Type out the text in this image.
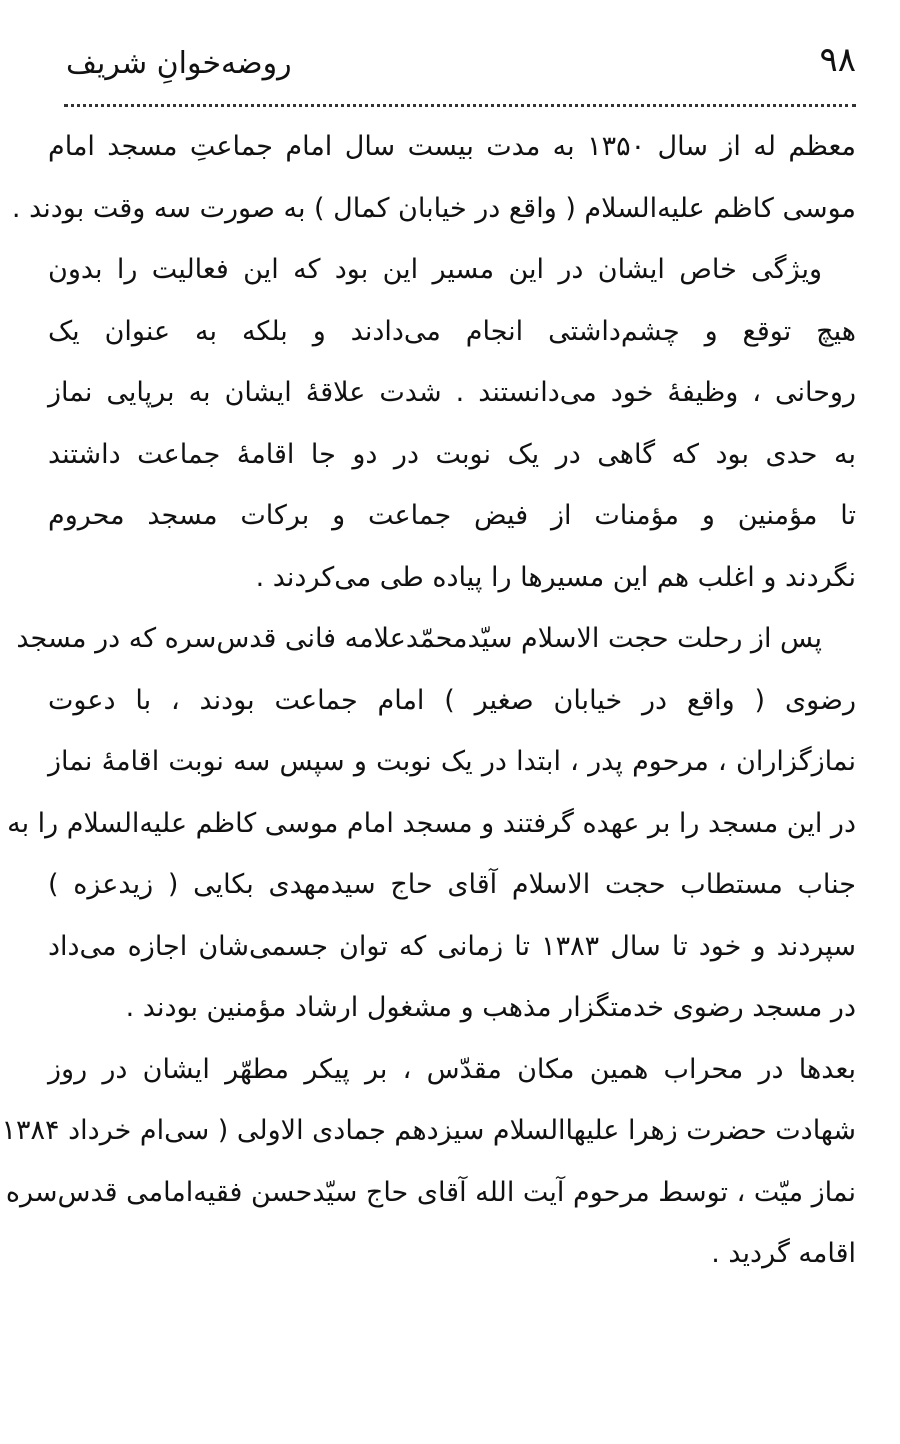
۹۸
روضه‌خوانِ شریف

معظم له از سال ۱۳۵۰ به مدت بیست سال امام جماعتِ مسجد امام
موسی کاظم علیه‌السلام ( واقع در خیابان کمال ) به صورت سه وقت بودند .

ویژگی خاص ایشان در این مسیر این بود که این فعالیت را بدون
هیچ توقع و چشم‌داشتی انجام می‌دادند و بلکه به عنوان یک
روحانی ، وظیفهٔ خود می‌دانستند . شدت علاقهٔ ایشان به برپایی نماز
به حدی بود که گاهی در یک نوبت در دو جا اقامهٔ جماعت داشتند
تا مؤمنین و مؤمنات از فیض جماعت و برکات مسجد محروم
نگردند و اغلب هم این مسیرها را پیاده طی می‌کردند .

پس از رحلت حجت الاسلام سیّدمحمّدعلامه فانی قدس‌سره که در مسجد
رضوی ( واقع در خیابان صغیر ) امام جماعت بودند ، با دعوت
نمازگزاران ، مرحوم پدر ، ابتدا در یک نوبت و سپس سه نوبت اقامهٔ نماز
در این مسجد را بر عهده گرفتند و مسجد امام موسی کاظم علیه‌السلام را به
جناب مستطاب حجت الاسلام آقای حاج سیدمهدی بکایی ( زیدعزه )
سپردند و خود تا سال ۱۳۸۳ تا زمانی که توان جسمی‌شان اجازه می‌داد
در مسجد رضوی خدمتگزار مذهب و مشغول ارشاد مؤمنین بودند .
بعدها در محراب همین مکان مقدّس ، بر پیکر مطهّر ایشان در روز
شهادت حضرت زهرا علیهاالسلام سیزدهم جمادی الاولی ( سی‌ام خرداد ۱۳۸۴
نماز میّت ، توسط مرحوم آیت الله آقای حاج سیّدحسن فقیه‌امامی قدس‌سره
اقامه گردید .
